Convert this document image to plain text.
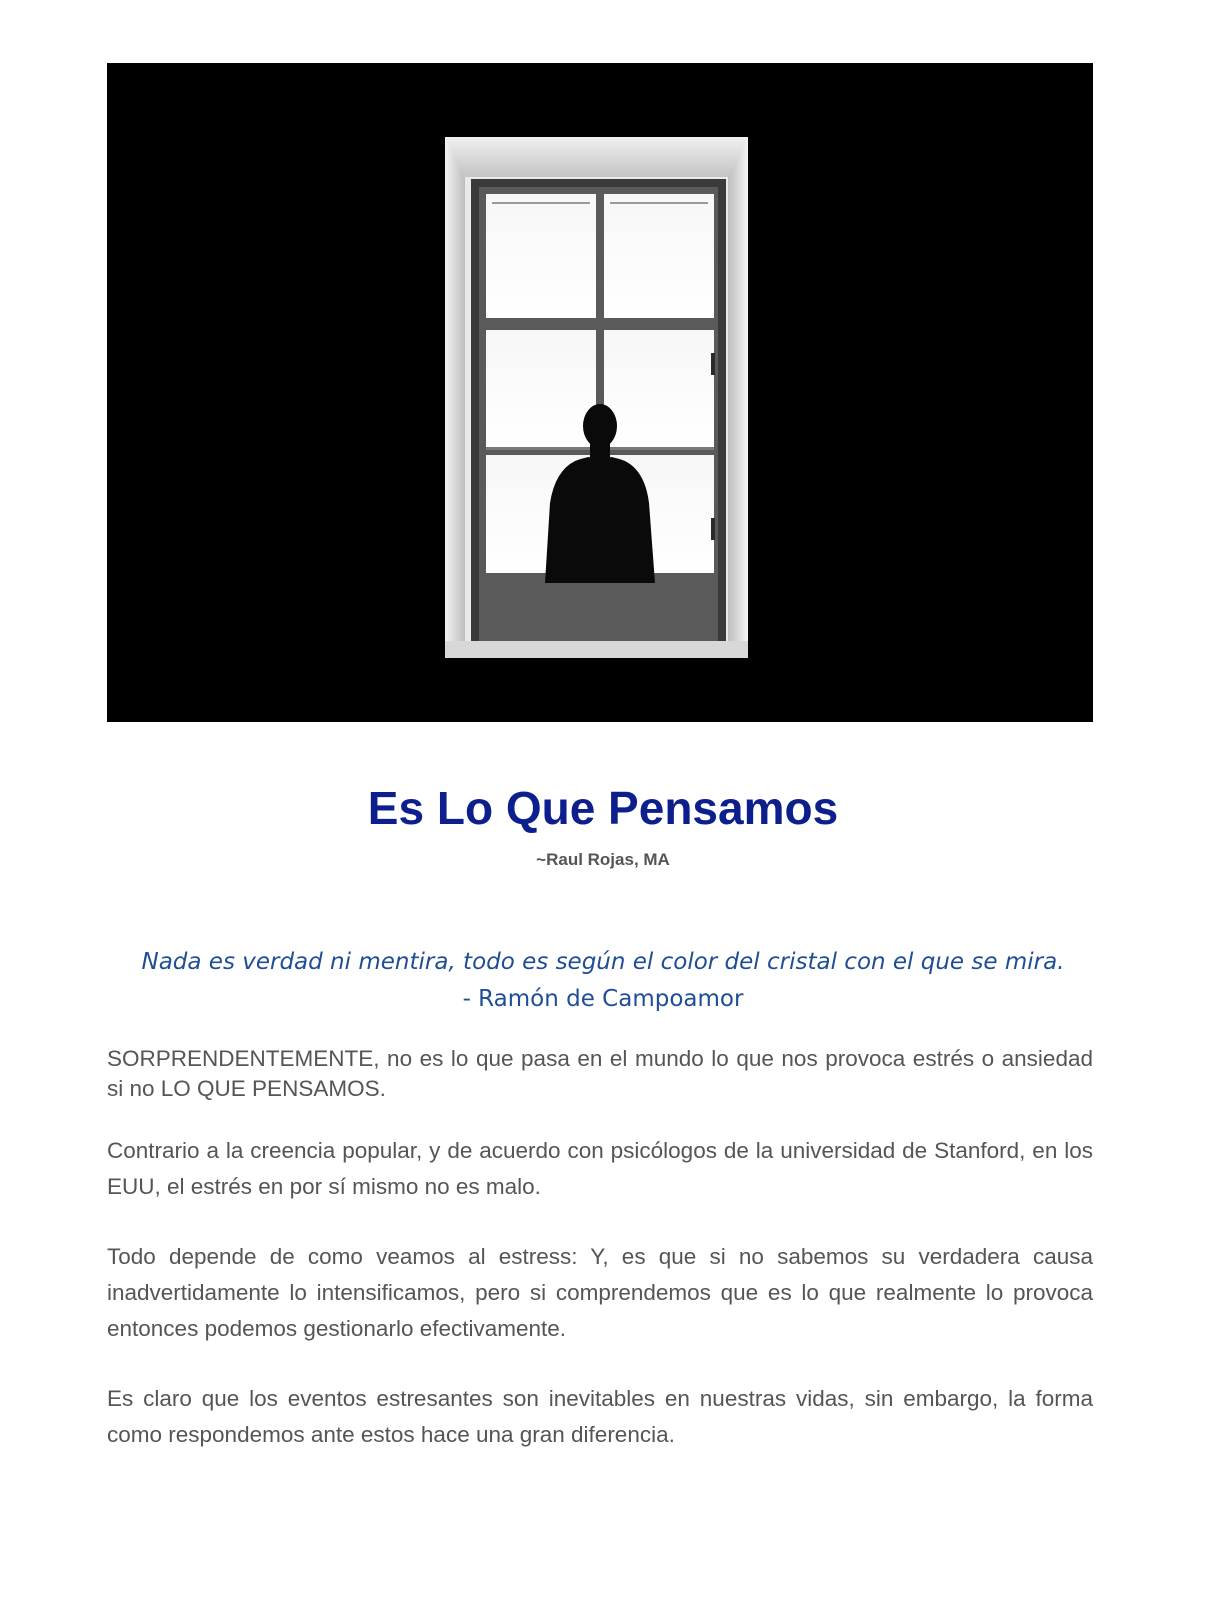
Es Lo Que Pensamos
~Raul Rojas, MA
Nada es verdad ni mentira, todo es según el color del cristal con el que se mira.
- Ramón de Campoamor

SORPRENDENTEMENTE, no es lo que pasa en el mundo lo que nos provoca estrés o ansiedad si no LO QUE PENSAMOS.

Contrario a la creencia popular, y de acuerdo con psicólogos de la universidad de Stanford, en los EUU, el estrés en por sí mismo no es malo.

Todo depende de como veamos al estress: Y, es que si no sabemos su verdadera causa inadvertidamente lo intensificamos, pero si comprendemos que es lo que realmente lo provoca entonces podemos gestionarlo efectivamente.

Es claro que los eventos estresantes son inevitables en nuestras vidas, sin embargo, la forma como respondemos ante estos hace una gran diferencia.
